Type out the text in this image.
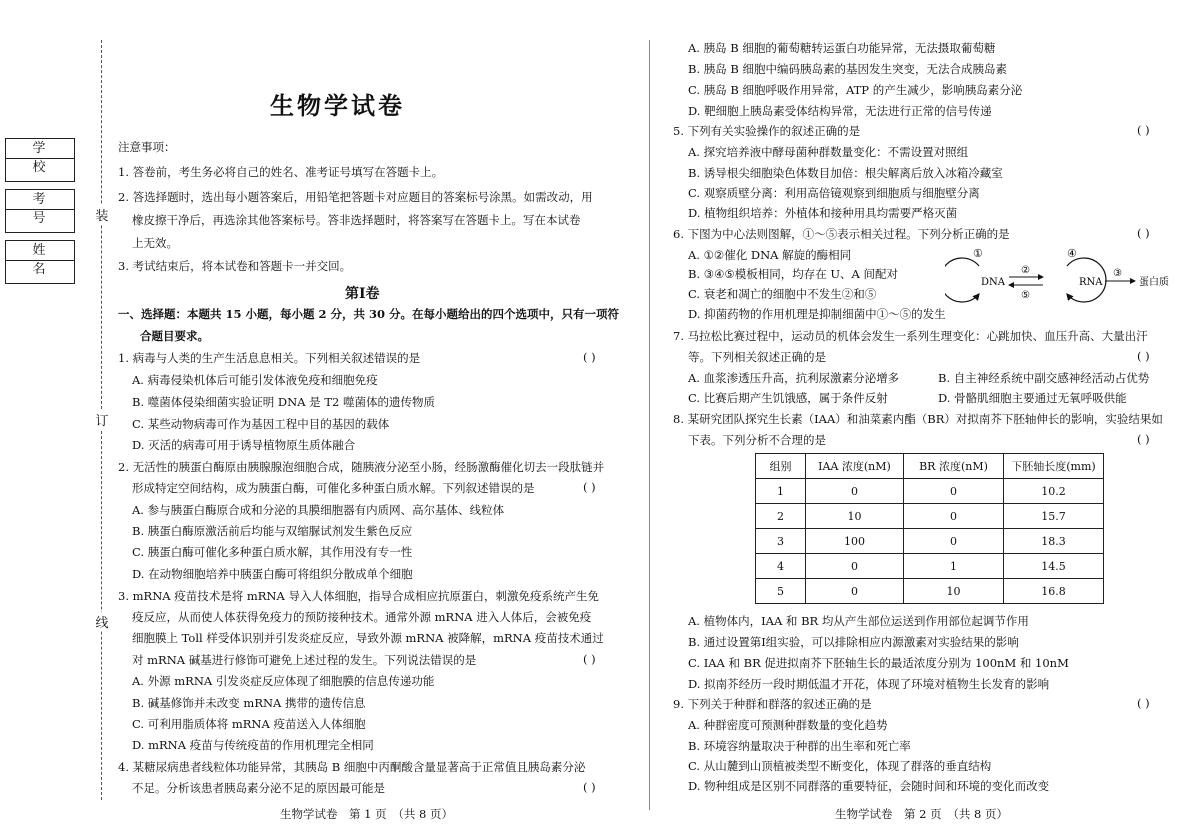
装
订
线
学 校
考 号
姓 名
生物学试卷
注意事项：
1. 答卷前，考生务必将自己的姓名、准考证号填写在答题卡上。
2. 答选择题时，选出每小题答案后，用铅笔把答题卡对应题目的答案标号涂黑。如需改动，用
橡皮擦干净后，再选涂其他答案标号。答非选择题时，将答案写在答题卡上。写在本试卷
上无效。
3. 考试结束后，将本试卷和答题卡一并交回。
第Ⅰ卷
一、选择题：本题共 15 小题，每小题 2 分，共 30 分。在每小题给出的四个选项中，只有一项符
合题目要求。
1. 病毒与人类的生产生活息息相关。下列相关叙述错误的是	( )
A. 病毒侵染机体后可能引发体液免疫和细胞免疫
B. 噬菌体侵染细菌实验证明 DNA 是 T2 噬菌体的遗传物质
C. 某些动物病毒可作为基因工程中目的基因的载体
D. 灭活的病毒可用于诱导植物原生质体融合
2. 无活性的胰蛋白酶原由胰腺腺泡细胞合成，随胰液分泌至小肠，经肠激酶催化切去一段肽链并
形成特定空间结构，成为胰蛋白酶，可催化多种蛋白质水解。下列叙述错误的是	( )
A. 参与胰蛋白酶原合成和分泌的具膜细胞器有内质网、高尔基体、线粒体
B. 胰蛋白酶原激活前后均能与双缩脲试剂发生紫色反应
C. 胰蛋白酶可催化多种蛋白质水解，其作用没有专一性
D. 在动物细胞培养中胰蛋白酶可将组织分散成单个细胞
3. mRNA 疫苗技术是将 mRNA 导入人体细胞，指导合成相应抗原蛋白，刺激免疫系统产生免
疫反应，从而使人体获得免疫力的预防接种技术。通常外源 mRNA 进入人体后，会被免疫
细胞膜上 Toll 样受体识别并引发炎症反应，导致外源 mRNA 被降解，mRNA 疫苗技术通过
对 mRNA 碱基进行修饰可避免上述过程的发生。下列说法错误的是	( )
A. 外源 mRNA 引发炎症反应体现了细胞膜的信息传递功能
B. 碱基修饰并未改变 mRNA 携带的遗传信息
C. 可利用脂质体将 mRNA 疫苗送入人体细胞
D. mRNA 疫苗与传统疫苗的作用机理完全相同
4. 某糖尿病患者线粒体功能异常，其胰岛 B 细胞中丙酮酸含量显著高于正常值且胰岛素分泌
不足。分析该患者胰岛素分泌不足的原因最可能是	( )
生物学试卷　第 1 页　（共 8 页）
A. 胰岛 B 细胞的葡萄糖转运蛋白功能异常，无法摄取葡萄糖
B. 胰岛 B 细胞中编码胰岛素的基因发生突变，无法合成胰岛素
C. 胰岛 B 细胞呼吸作用异常，ATP 的产生减少，影响胰岛素分泌
D. 靶细胞上胰岛素受体结构异常，无法进行正常的信号传递
5. 下列有关实验操作的叙述正确的是	( )
A. 探究培养液中酵母菌种群数量变化：不需设置对照组
B. 诱导根尖细胞染色体数目加倍：根尖解离后放入冰箱冷藏室
C. 观察质壁分离：利用高倍镜观察到细胞质与细胞壁分离
D. 植物组织培养：外植体和接种用具均需要严格灭菌
6. 下图为中心法则图解，①～⑤表示相关过程。下列分析正确的是	( )
A. ①②催化 DNA 解旋的酶相同
B. ③④⑤模板相同，均存在 U、A 间配对
C. 衰老和凋亡的细胞中不发生②和⑤
D. 抑菌药物的作用机理是抑制细菌中①～⑤的发生
①
DNA
②
⑤
④
RNA
③
蛋白质
7. 马拉松比赛过程中，运动员的机体会发生一系列生理变化：心跳加快、血压升高、大量出汗
等。下列相关叙述正确的是	( )
A. 血浆渗透压升高，抗利尿激素分泌增多	B. 自主神经系统中副交感神经活动占优势
C. 比赛后期产生饥饿感，属于条件反射	D. 骨骼肌细胞主要通过无氧呼吸供能
8. 某研究团队探究生长素（IAA）和油菜素内酯（BR）对拟南芥下胚轴伸长的影响，实验结果如
下表。下列分析不合理的是	( )
组别	IAA 浓度(nM)	BR 浓度(nM)	下胚轴长度(mm)
1	0	0	10.2
2	10	0	15.7
3	100	0	18.3
4	0	1	14.5
5	0	10	16.8
A. 植物体内，IAA 和 BR 均从产生部位运送到作用部位起调节作用
B. 通过设置第Ⅰ组实验，可以排除相应内源激素对实验结果的影响
C. IAA 和 BR 促进拟南芥下胚轴生长的最适浓度分别为 100nM 和 10nM
D. 拟南芥经历一段时期低温才开花，体现了环境对植物生长发育的影响
9. 下列关于种群和群落的叙述正确的是	( )
A. 种群密度可预测种群数量的变化趋势
B. 环境容纳量取决于种群的出生率和死亡率
C. 从山麓到山顶植被类型不断变化，体现了群落的垂直结构
D. 物种组成是区别不同群落的重要特征，会随时间和环境的变化而改变
生物学试卷　第 2 页　（共 8 页）
